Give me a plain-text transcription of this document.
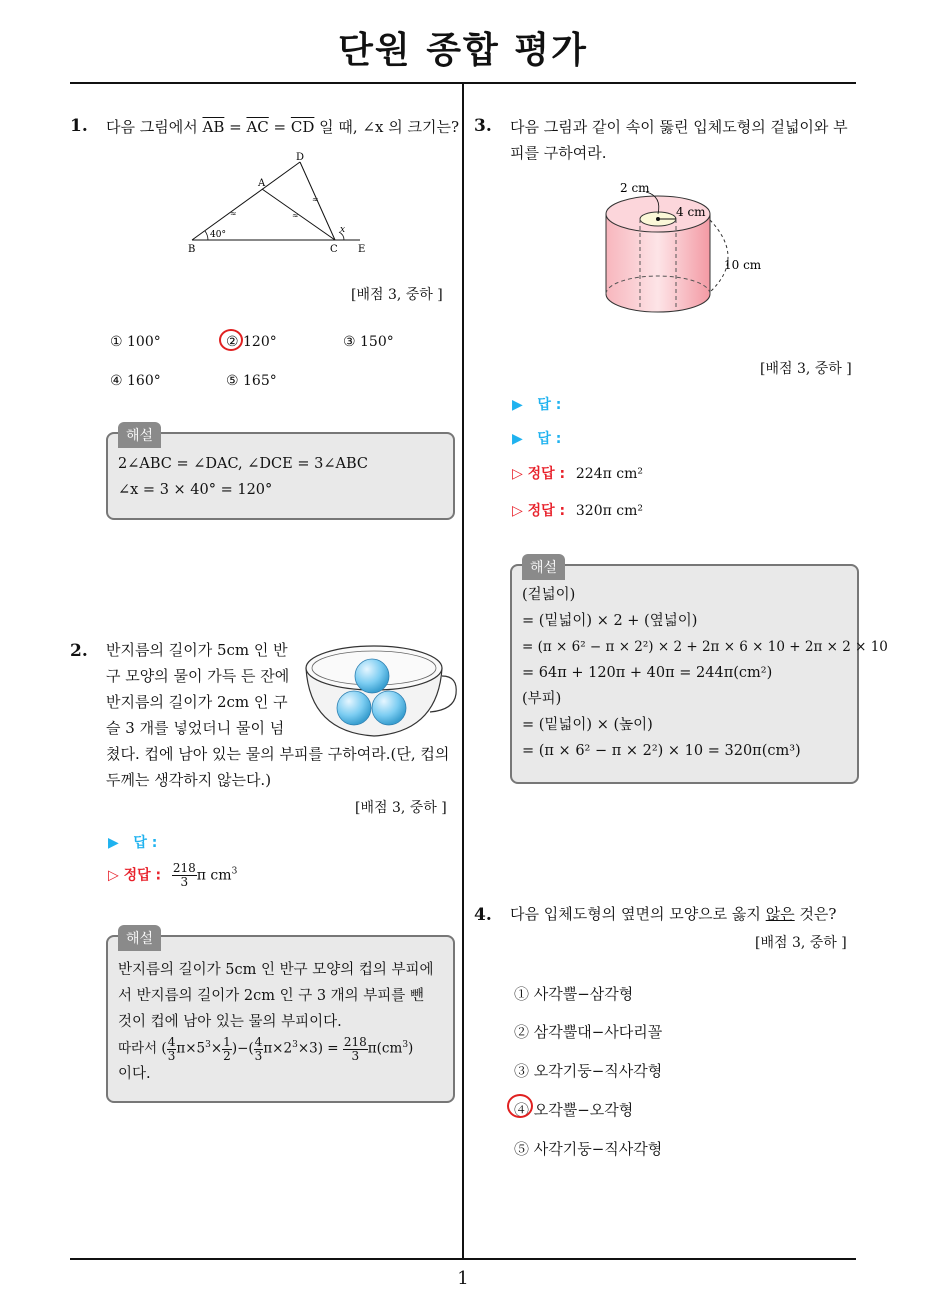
단원 종합 평가
1
1. 다음 그림에서 $\overline{AB} = \overline{AC} = \overline{CD}$ 일 때, ∠x 의 크기는?
≈	≈
≈
A
B	C
D
E
40°	x
[배점 3, 중하 ]
① 100°	② 120°	③ 150°
④ 160°	⑤ 165°
해설
2∠ABC = ∠DAC, ∠DCE = 3∠ABC
∠x = 3 × 40° = 120°
2. 반지름의 길이가 5cm 인 반
구 모양의 물이 가득 든 잔에
반지름의 길이가 2cm 인 구
슬 3 개를 넣었더니 물이 넘
쳤다. 컵에 남아 있는 물의 부피를 구하여라.(단, 컵의
두께는 생각하지 않는다.)
[배점 3, 중하 ]
▶ 답 :
▷ 정답 : $\frac{218}{3}$ π $cm^3$
해설
반지름의 길이가 5cm 인 반구 모양의 컵의 부피에
서 반지름의 길이가 2cm 인 구 3 개의 부피를 뺀
것이 컵에 남아 있는 물의 부피이다.
따라서 ( $\frac{4}{3} \pi\times 5^3\times \frac{1}{2}$ )−( $\frac{4}{3} \pi\times 2^3\times 3) = \frac{218}{3} \pi(cm^3)$
이다.
3. 다음 그림과 같이 속이 뚫린 입체도형의 겉넓이와 부
피를 구하여라.
2 cm
4 cm
10 cm
[배점 3, 중하 ]
▶ 답 :
▶ 답 :
▷ 정답 : 224π cm²
▷ 정답 : 320π cm²
해설
(겉넓이)
= (밑넓이) × 2 + (옆넓이)
= (π × 6² − π × 2²) × 2 + 2π × 6 × 10 + 2π × 2 × 10
= 64π + 120π + 40π = 244π(cm²)
(부피)
= (밑넓이) × (높이)
= (π × 6² − π × 2²) × 10 = 320π(cm³)
4. 다음 입체도형의 옆면의 모양으로 옳지 않은 것은?
[배점 3, 중하 ]
① 사각뿔−삼각형
② 삼각뿔대−사다리꼴
③ 오각기둥−직사각형
④ 오각뿔−오각형
⑤ 사각기둥−직사각형
